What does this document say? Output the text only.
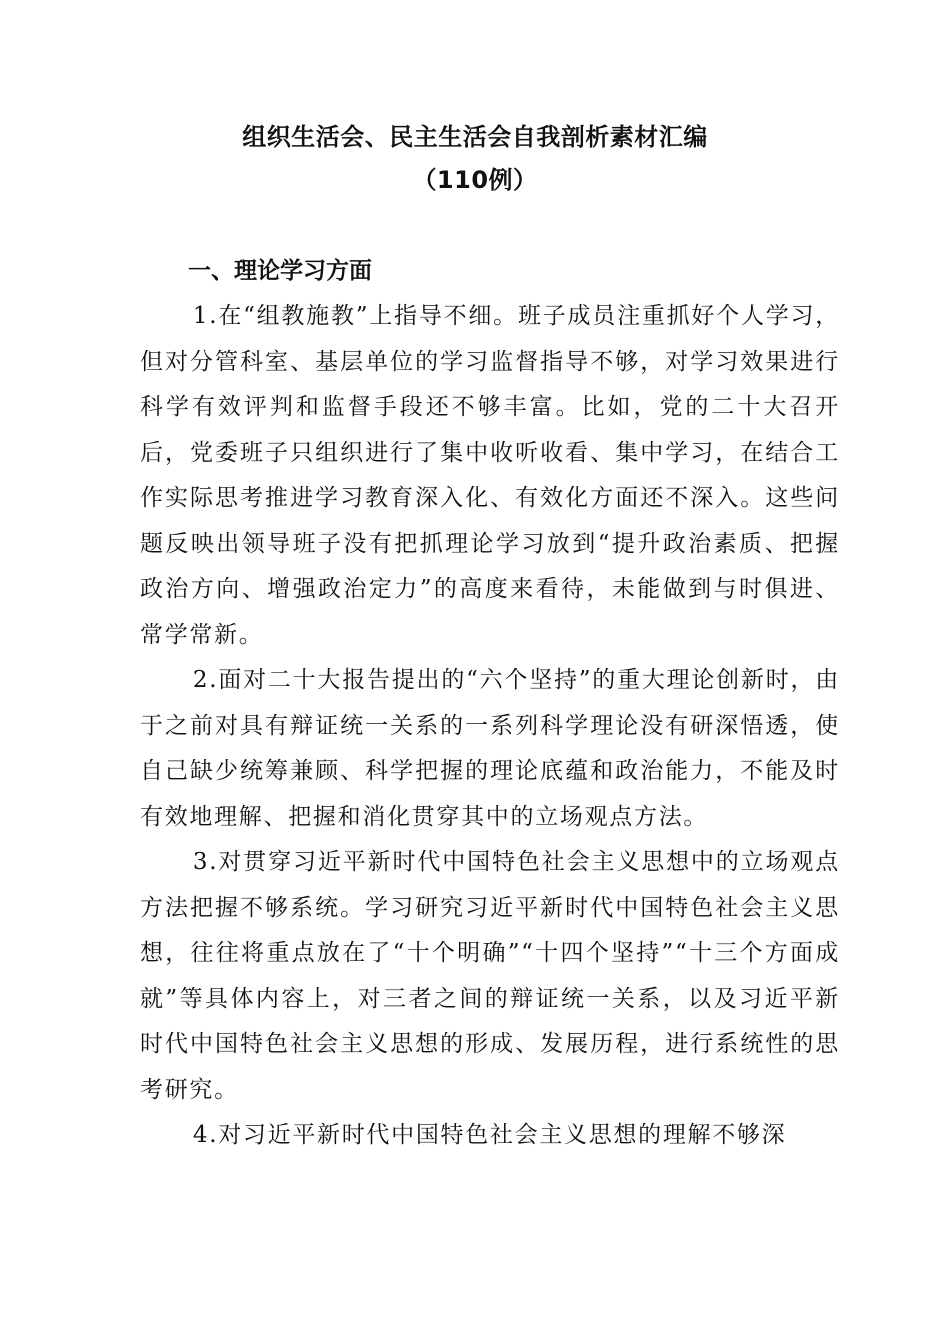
组织生活会、民主生活会自我剖析素材汇编
（110例）
一、理论学习方面

1.在“组教施教”上指导不细。班子成员注重抓好个人学习，但对分管科室、基层单位的学习监督指导不够，对学习效果进行科学有效评判和监督手段还不够丰富。比如，党的二十大召开后，党委班子只组织进行了集中收听收看、集中学习，在结合工作实际思考推进学习教育深入化、有效化方面还不深入。这些问题反映出领导班子没有把抓理论学习放到“提升政治素质、把握政治方向、增强政治定力”的高度来看待，未能做到与时俱进、常学常新。

2.面对二十大报告提出的“六个坚持”的重大理论创新时，由于之前对具有辩证统一关系的一系列科学理论没有研深悟透，使自己缺少统筹兼顾、科学把握的理论底蕴和政治能力，不能及时有效地理解、把握和消化贯穿其中的立场观点方法。

3.对贯穿习近平新时代中国特色社会主义思想中的立场观点方法把握不够系统。学习研究习近平新时代中国特色社会主义思想，往往将重点放在了“十个明确”“十四个坚持”“十三个方面成就”等具体内容上，对三者之间的辩证统一关系，以及习近平新时代中国特色社会主义思想的形成、发展历程，进行系统性的思考研究。

4.对习近平新时代中国特色社会主义思想的理解不够深
